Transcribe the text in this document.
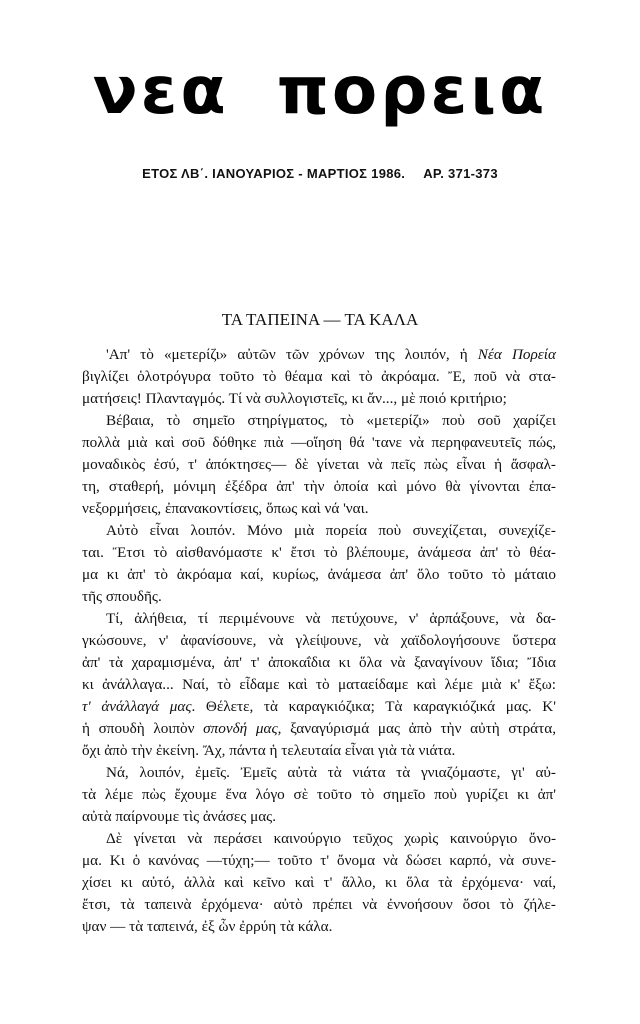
νεα πορεια
ΕΤΟΣ ΛΒ΄. ΙΑΝΟΥΑΡΙΟΣ - ΜΑΡΤΙΟΣ 1986. ΑΡ. 371-373
ΤΑ ΤΑΠΕΙΝΑ — ΤΑ ΚΑΛΑ
'Απ' τὸ «μετερίζι» αὐτῶν τῶν χρόνων της λοιπόν, ἡ Νέα Πορεία
βιγλίζει ὁλοτρόγυρα τοῦτο τὸ θέαμα καὶ τὸ ἀκρόαμα. Ἔ, ποῦ νὰ στα-
ματήσεις! Πλανταγμός. Τί νὰ συλλογιστεῖς, κι ἄν..., μὲ ποιό κριτήριο;
Βέβαια, τὸ σημεῖο στηρίγματος, τὸ «μετερίζι» ποὺ σοῦ χαρίζει
πολλὰ μιὰ καὶ σοῦ δόθηκε πιὰ —οἴηση θά 'τανε νὰ περηφανευτεῖς πώς,
μοναδικὸς ἐσύ, τ' ἀπόκτησες— δὲ γίνεται νὰ πεῖς πὼς εἶναι ἡ ἄσφαλ-
τη, σταθερή, μόνιμη ἐξέδρα ἀπ' τὴν ὁποία καὶ μόνο θὰ γίνονται ἐπα-
νεξορμήσεις, ἐπανακοντίσεις, ὅπως καὶ νά 'ναι.
Αὐτὸ εἶναι λοιπόν. Μόνο μιὰ πορεία ποὺ συνεχίζεται, συνεχίζε-
ται. Ἔτσι τὸ αἰσθανόμαστε κ' ἔτσι τὸ βλέπουμε, ἀνάμεσα ἀπ' τὸ θέα-
μα κι ἀπ' τὸ ἀκρόαμα καί, κυρίως, ἀνάμεσα ἀπ' ὅλο τοῦτο τὸ μάταιο
τῆς σπουδῆς.
Τί, ἀλήθεια, τί περιμένουνε νὰ πετύχουνε, ν' ἁρπάξουνε, νὰ δα-
γκώσουνε, ν' ἀφανίσουνε, νὰ γλείψουνε, νὰ χαϊδολογήσουνε ὕστερα
ἀπ' τὰ χαραμισμένα, ἀπ' τ' ἀποκαΐδια κι ὅλα νὰ ξαναγίνουν ἴδια; Ἴδια
κι ἀνάλλαγα... Ναί, τὸ εἶδαμε καὶ τὸ ματαείδαμε καὶ λέμε μιὰ κ' ἔξω:
τ' ἀνάλλαγά μας. Θέλετε, τὰ καραγκιόζικα; Τὰ καραγκιόζικά μας. Κ'
ἡ σπουδὴ λοιπὸν σπονδή μας, ξαναγύρισμά μας ἀπὸ τὴν αὐτὴ στράτα,
ὄχι ἀπὸ τὴν ἐκείνη. Ἄχ, πάντα ἡ τελευταία εἶναι γιὰ τὰ νιάτα.
Νά, λοιπόν, ἐμεῖς. Ἐμεῖς αὐτὰ τὰ νιάτα τὰ γνιαζόμαστε, γι' αὐ-
τὰ λέμε πὼς ἔχουμε ἕνα λόγο σὲ τοῦτο τὸ σημεῖο ποὺ γυρίζει κι ἀπ'
αὐτὰ παίρνουμε τὶς ἀνάσες μας.
Δὲ γίνεται νὰ περάσει καινούργιο τεῦχος χωρὶς καινούργιο ὄνο-
μα. Κι ὁ κανόνας —τύχη;— τοῦτο τ' ὄνομα νὰ δώσει καρπό, νὰ συνε-
χίσει κι αὐτό, ἀλλὰ καὶ κεῖνο καὶ τ' ἄλλο, κι ὅλα τὰ ἐρχόμενα· ναί,
ἔτσι, τὰ ταπεινὰ ἐρχόμενα· αὐτὸ πρέπει νὰ ἐννοήσουν ὅσοι τὸ ζήλε-
ψαν — τὰ ταπεινά, ἐξ ὧν ἐρρύη τὰ κάλα.
